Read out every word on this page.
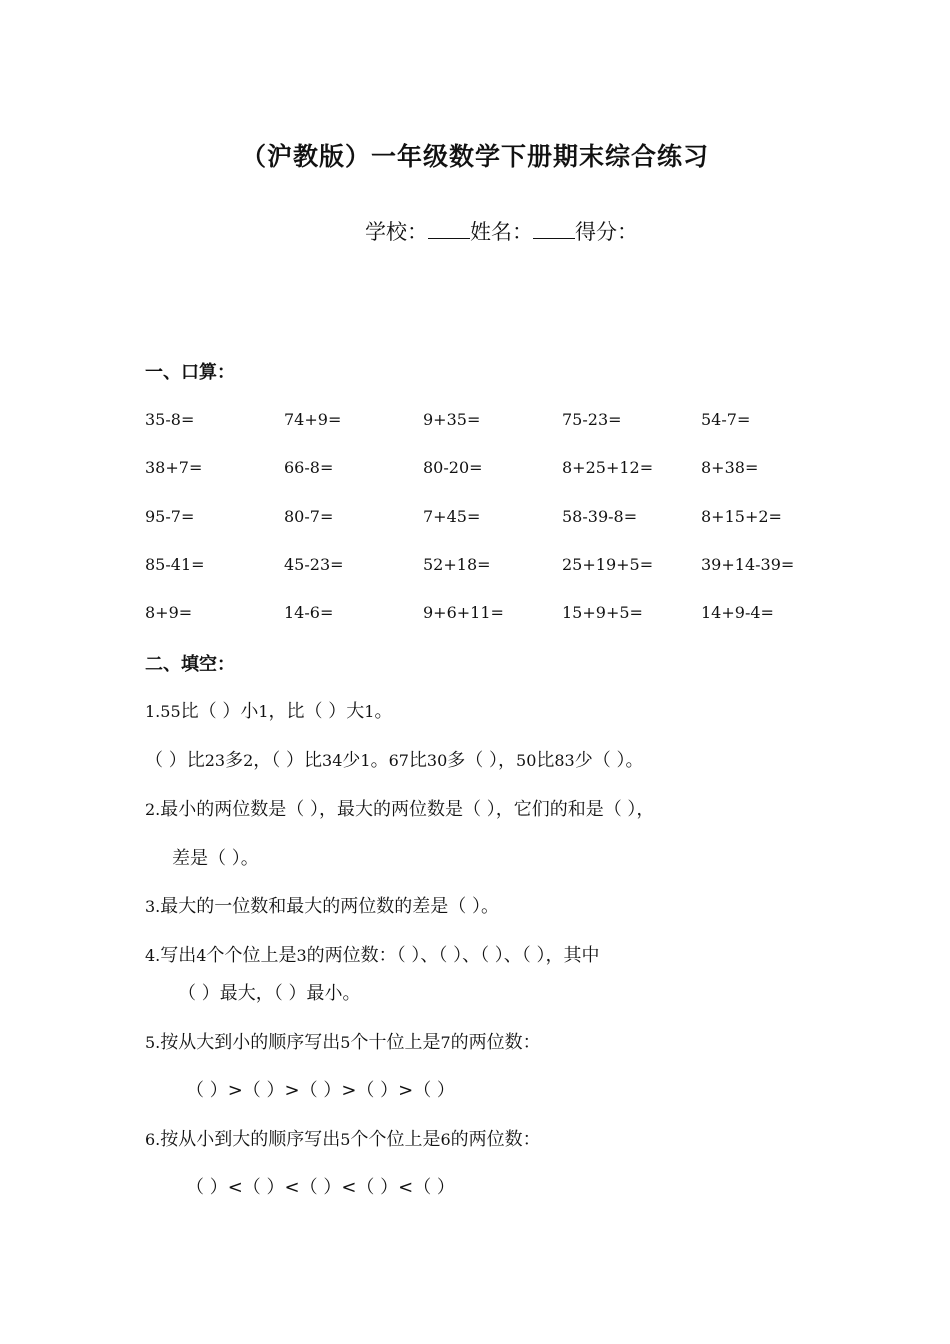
（沪教版）一年级数学下册期末综合练习
学校： 姓名： 得分：
一、口算：
35-8=	74+9=	9+35=	75-23=	54-7=
38+7=	66-8=	80-20=	8+25+12=	8+38=
95-7=	80-7=	7+45=	58-39-8=	8+15+2=
85-41=	45-23=	52+18=	25+19+5=	39+14-39=
8+9=	14-6=	9+6+11=	15+9+5=	14+9-4=
二、填空：
1.55比（ ）小1，比（ ）大1。
（ ）比23多2，（ ）比34少1。67比30多（ ），50比83少（ ）。
2.最小的两位数是（ ），最大的两位数是（ ），它们的和是（ ），
差是（ ）。
3.最大的一位数和最大的两位数的差是（ ）。
4.写出4个个位上是3的两位数：（ ）、（ ）、（ ）、（ ），其中
（ ）最大，（ ）最小。
5.按从大到小的顺序写出5个十位上是7的两位数：
（ ）>（ ）>（ ）>（ ）>（ ）
6.按从小到大的顺序写出5个个位上是6的两位数：
（ ）<（ ）<（ ）<（ ）<（ ）
